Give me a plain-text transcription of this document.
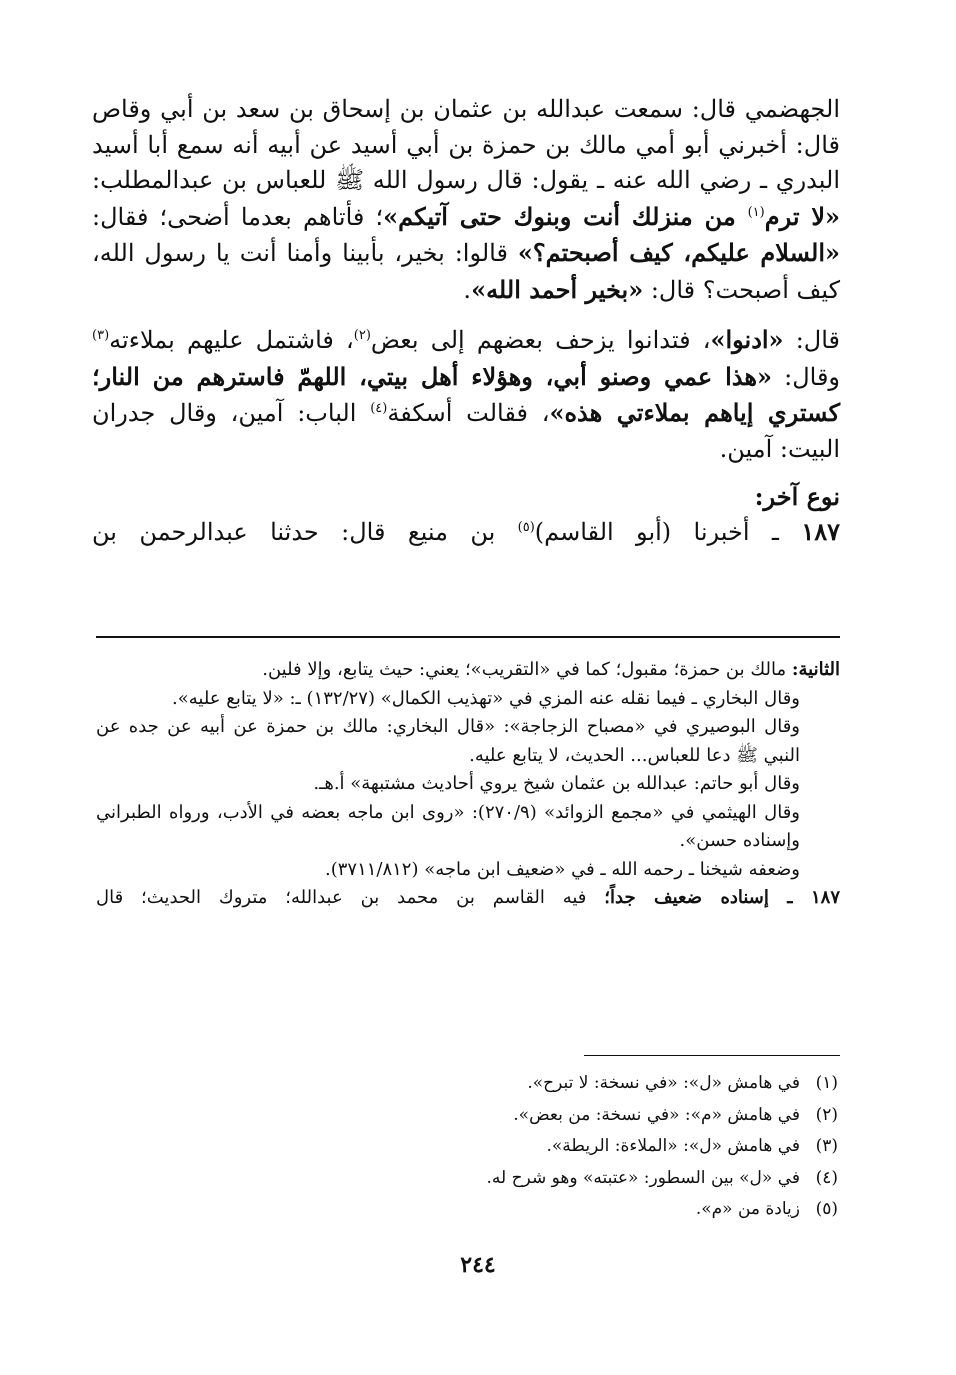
الجهضمي قال: سمعت عبدالله بن عثمان بن إسحاق بن سعد بن أبي وقاص قال: أخبرني أبو أمي مالك بن حمزة بن أبي أسيد عن أبيه أنه سمع أبا أسيد البدري ـ رضي الله عنه ـ يقول: قال رسول الله ﷺ للعباس بن عبدالمطلب: «لا ترم$^{(١)}$ من منزلك أنت وبنوك حتى آتيكم»؛ فأتاهم بعدما أضحى؛ فقال: «السلام عليكم، كيف أصبحتم؟» قالوا: بخير، بأبينا وأمنا أنت يا رسول الله، كيف أصبحت؟ قال: «بخير أحمد الله».

قال: «ادنوا»، فتدانوا يزحف بعضهم إلى بعض$^{(٢)}$، فاشتمل عليهم بملاءته$^{(٣)}$ وقال: «هذا عمي وصنو أبي، وهؤلاء أهل بيتي، اللهمّ فاسترهم من النار؛ كستري إياهم بملاءتي هذه»، فقالت أسكفة$^{(٤)}$ الباب: آمين، وقال جدران البيت: آمين.

نوع آخر:

١٨٧ ـ أخبرنا (أبو القاسم)$^{(٥)}$ بن منيع قال: حدثنا عبدالرحمن بن

الثانية: مالك بن حمزة؛ مقبول؛ كما في «التقريب»؛ يعني: حيث يتابع، وإلا فلين.

وقال البخاري ـ فيما نقله عنه المزي في «تهذيب الكمال» (١٣٢/٢٧) ـ: «لا يتابع عليه».

وقال البوصيري في «مصباح الزجاجة»: «قال البخاري: مالك بن حمزة عن أبيه عن جده عن النبي ﷺ دعا للعباس... الحديث، لا يتابع عليه.

وقال أبو حاتم: عبدالله بن عثمان شيخ يروي أحاديث مشتبهة» أ.هـ.

وقال الهيثمي في «مجمع الزوائد» (٢٧٠/٩): «روى ابن ماجه بعضه في الأدب، ورواه الطبراني وإسناده حسن».

وضعفه شيخنا ـ رحمه الله ـ في «ضعيف ابن ماجه» (٣٧١١/٨١٢).

١٨٧ ـ إسناده ضعيف جداً؛ فيه القاسم بن محمد بن عبدالله؛ متروك الحديث؛ قال

(١)في هامش «ل»: «في نسخة: لا تبرح».
(٢)في هامش «م»: «في نسخة: من بعض».
(٣)في هامش «ل»: «الملاءة: الريطة».
(٤)في «ل» بين السطور: «عتبته» وهو شرح له.
(٥)زيادة من «م».
٢٤٤
